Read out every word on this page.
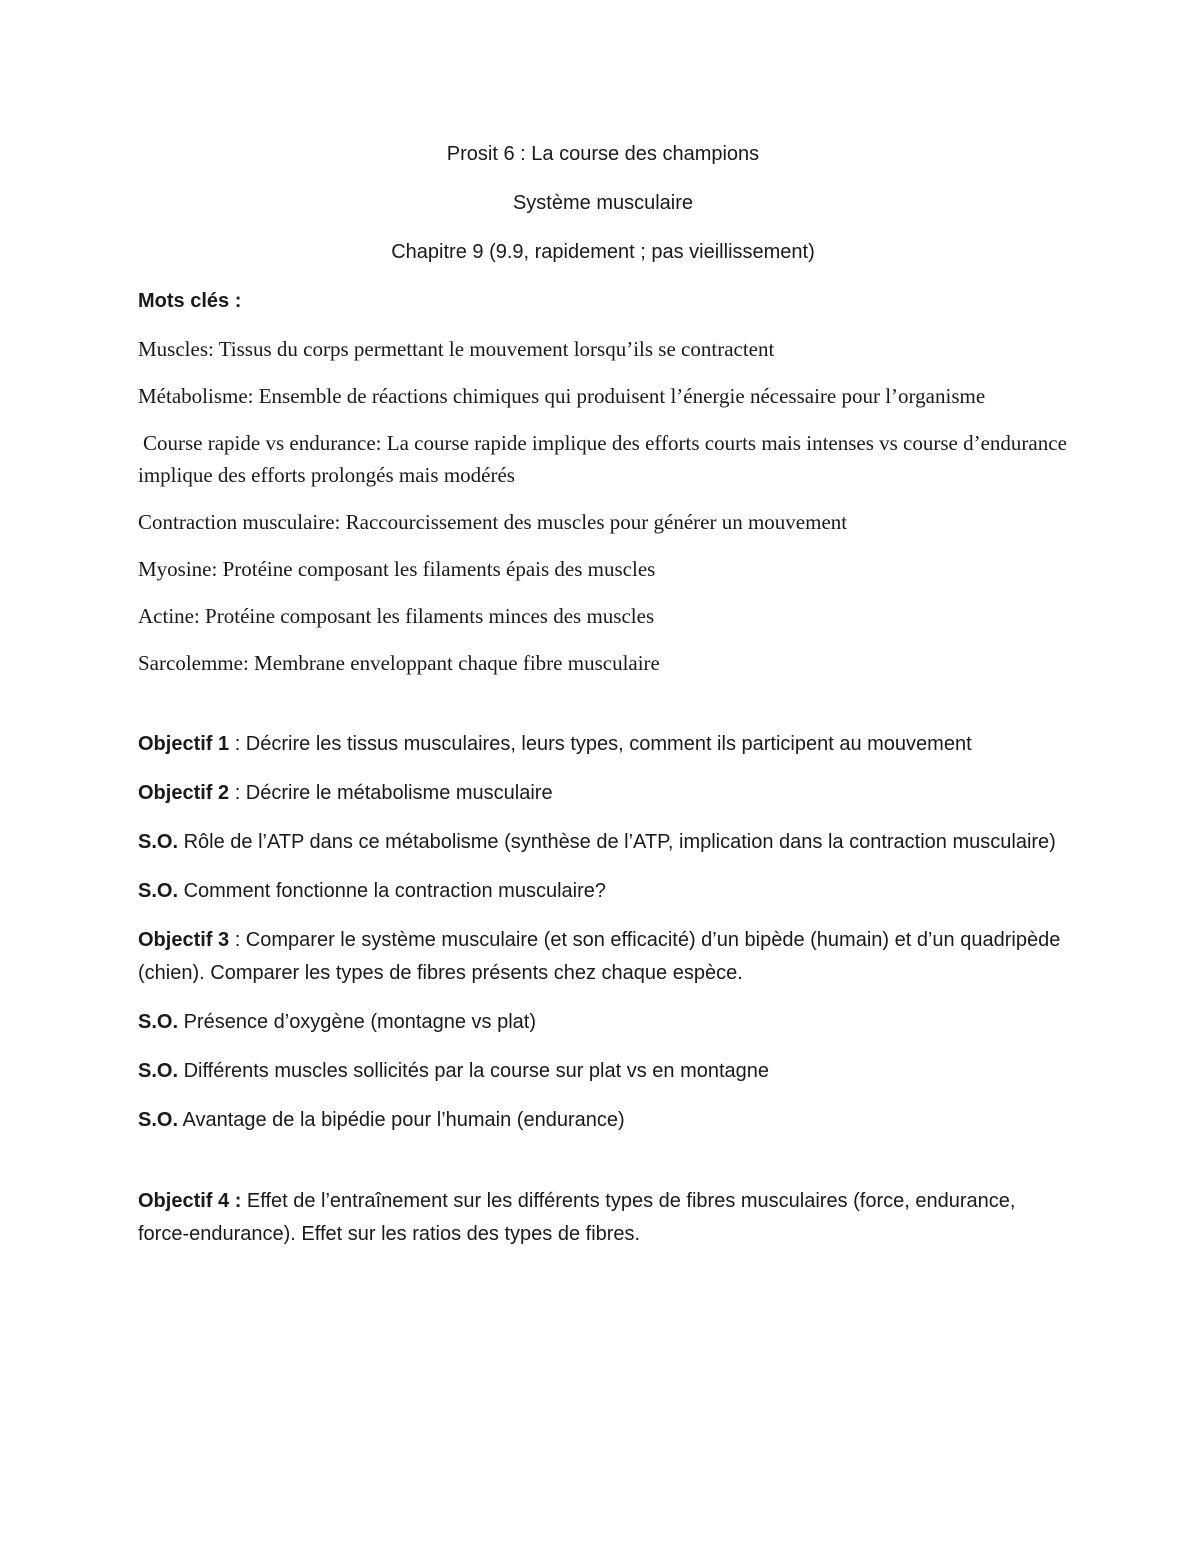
Prosit 6 : La course des champions

Système musculaire

Chapitre 9 (9.9, rapidement ; pas vieillissement)

Mots clés :

Muscles: Tissus du corps permettant le mouvement lorsqu’ils se contractent

Métabolisme: Ensemble de réactions chimiques qui produisent l’énergie nécessaire pour l’organisme

Course rapide vs endurance: La course rapide implique des efforts courts mais intenses vs course d’endurance implique des efforts prolongés mais modérés

Contraction musculaire: Raccourcissement des muscles pour générer un mouvement

Myosine: Protéine composant les filaments épais des muscles

Actine: Protéine composant les filaments minces des muscles

Sarcolemme: Membrane enveloppant chaque fibre musculaire

Objectif 1 : Décrire les tissus musculaires, leurs types, comment ils participent au mouvement

Objectif 2 : Décrire le métabolisme musculaire

S.O. Rôle de l’ATP dans ce métabolisme (synthèse de l’ATP, implication dans la contraction musculaire)

S.O. Comment fonctionne la contraction musculaire?

Objectif 3 : Comparer le système musculaire (et son efficacité) d’un bipède (humain) et d’un quadripède (chien). Comparer les types de fibres présents chez chaque espèce.

S.O. Présence d’oxygène (montagne vs plat)

S.O. Différents muscles sollicités par la course sur plat vs en montagne

S.O. Avantage de la bipédie pour l’humain (endurance)

Objectif 4 : Effet de l’entraînement sur les différents types de fibres musculaires (force, endurance, force-endurance). Effet sur les ratios des types de fibres.
